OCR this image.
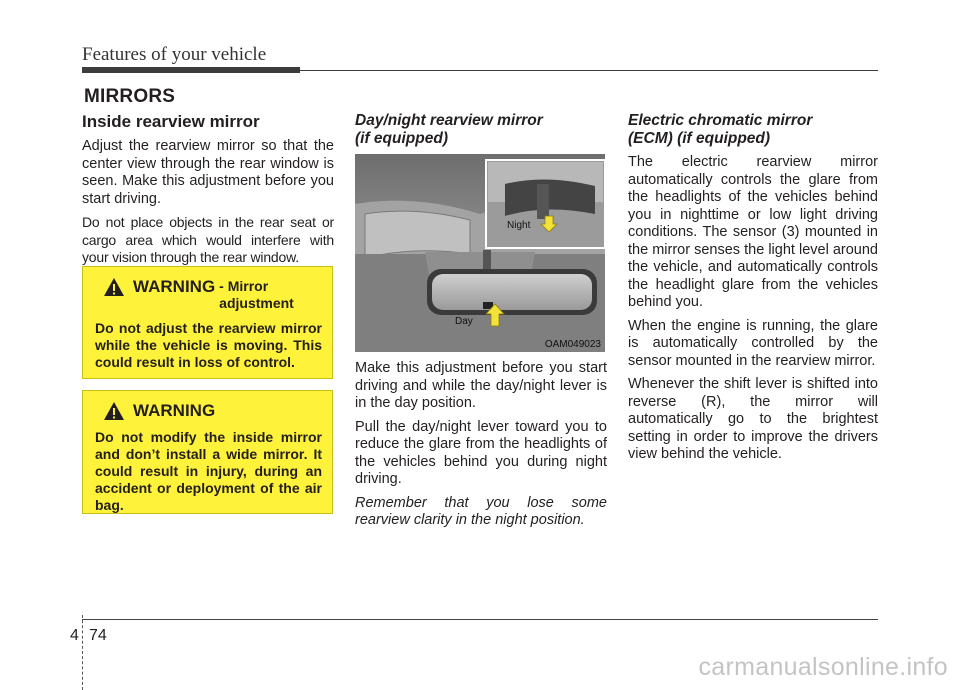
Features of your vehicle
MIRRORS
Inside rearview mirror

Adjust the rearview mirror so that the center view through the rear window is seen. Make this adjustment before you start driving.

Do not place objects in the rear seat or cargo area which would interfere with your vision through the rear window.

WARNING - Mirror adjustment
Do not adjust the rearview mirror while the vehicle is moving. This could result in loss of control.
WARNING
Do not modify the inside mirror and don’t install a wide mirror. It could result in injury, during an accident or deployment of the air bag.
Day/night rearview mirror (if equipped)
Night
Day
OAM049023

Make this adjustment before you start driving and while the day/night lever is in the day position.

Pull the day/night lever toward you to reduce the glare from the headlights of the vehicles behind you during night driving.

Remember that you lose some rearview clarity in the night position.

Electric chromatic mirror (ECM) (if equipped)

The electric rearview mirror automatically controls the glare from the headlights of the vehicles behind you in nighttime or low light driving conditions. The sensor (3) mounted in the mirror senses the light level around the vehicle, and automatically controls the headlight glare from the vehicles behind you.

When the engine is running, the glare is automatically controlled by the sensor mounted in the rearview mirror.

Whenever the shift lever is shifted into reverse (R), the mirror will automatically go to the brightest setting in order to improve the drivers view behind the vehicle.

4 74
carmanualsonline.info
